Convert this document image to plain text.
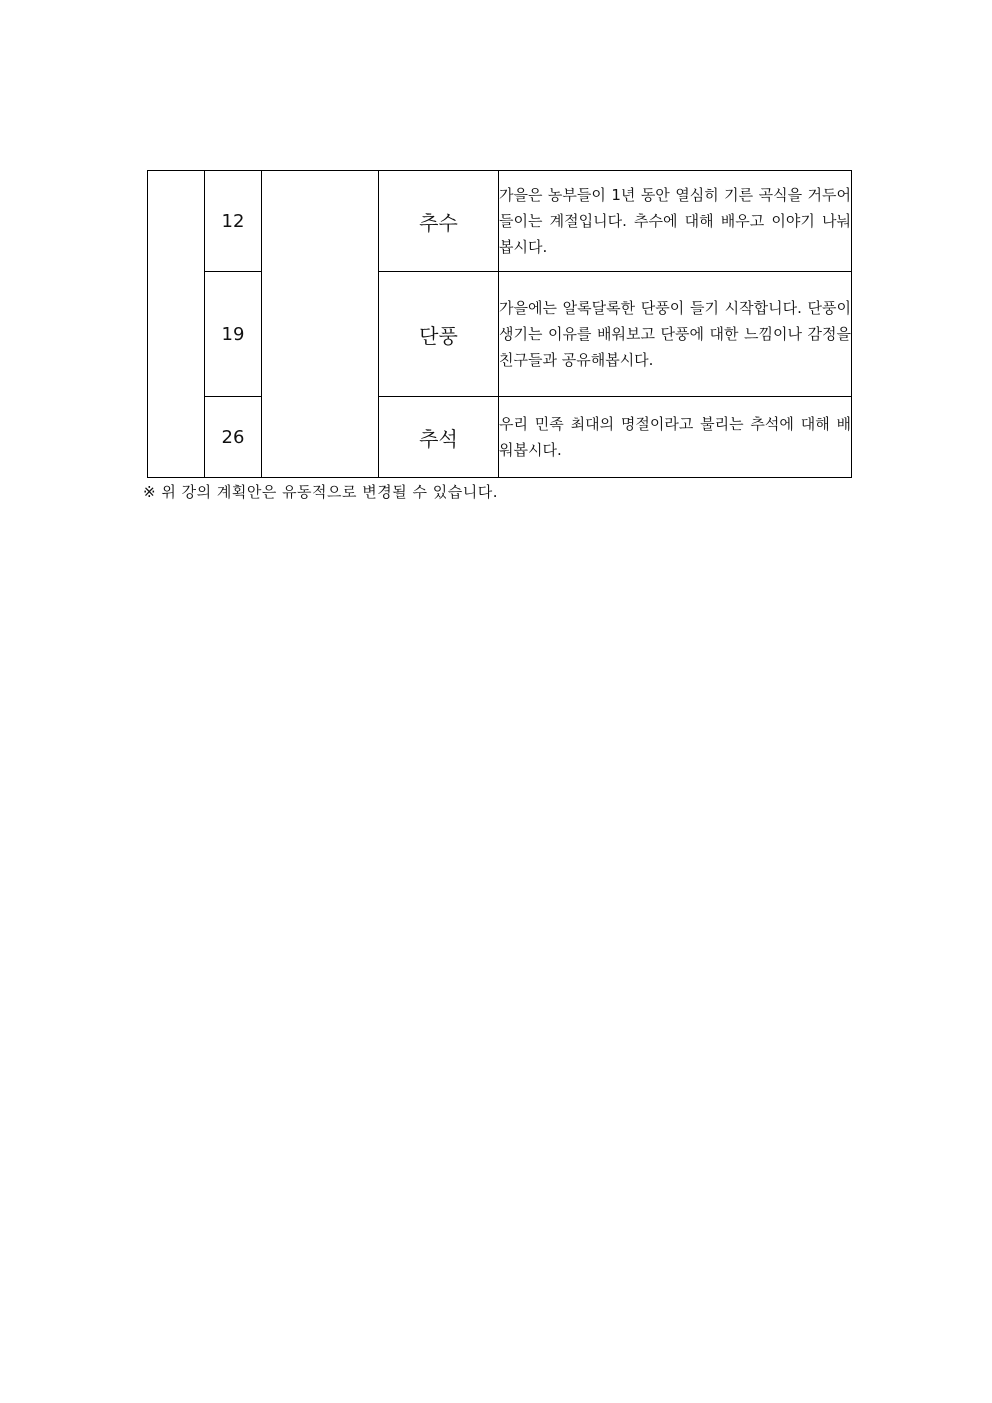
	12		추수	가을은 농부들이 1년 동안 열심히 기른 곡식을 거두어들이는 계절입니다. 추수에 대해 배우고 이야기 나눠봅시다.
	19		단풍	가을에는 알록달록한 단풍이 들기 시작합니다. 단풍이 생기는 이유를 배워보고 단풍에 대한 느낌이나 감정을 친구들과 공유해봅시다.
	26		추석	우리 민족 최대의 명절이라고 불리는 추석에 대해 배워봅시다.
※ 위 강의 계획안은 유동적으로 변경될 수 있습니다.
